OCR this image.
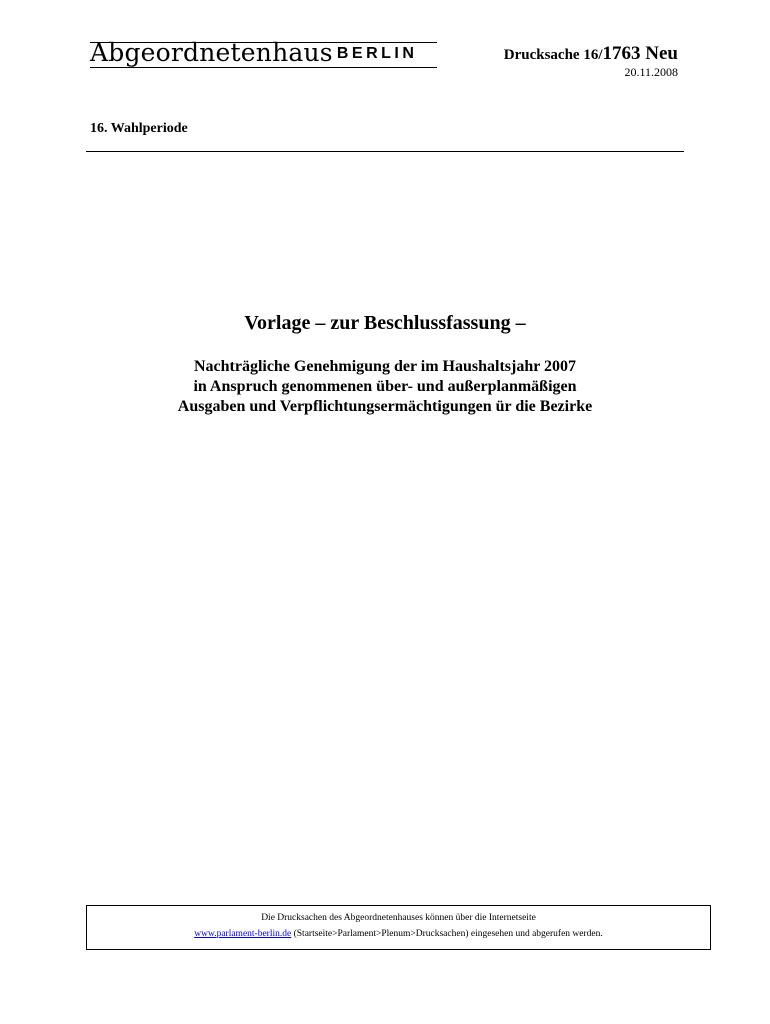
Abgeordnetenhaus BERLIN	Drucksache 16/1763 Neu
20.11.2008
16. Wahlperiode
Vorlage – zur Beschlussfassung –
Nachträgliche Genehmigung der im Haushaltsjahr 2007
in Anspruch genommenen über- und außerplanmäßigen
Ausgaben und Verpflichtungsermächtigungen ür die Bezirke
Die Drucksachen des Abgeordnetenhauses können über die Internetseite
www.parlament-berlin.de (Startseite>Parlament>Plenum>Drucksachen) eingesehen und abgerufen werden.
